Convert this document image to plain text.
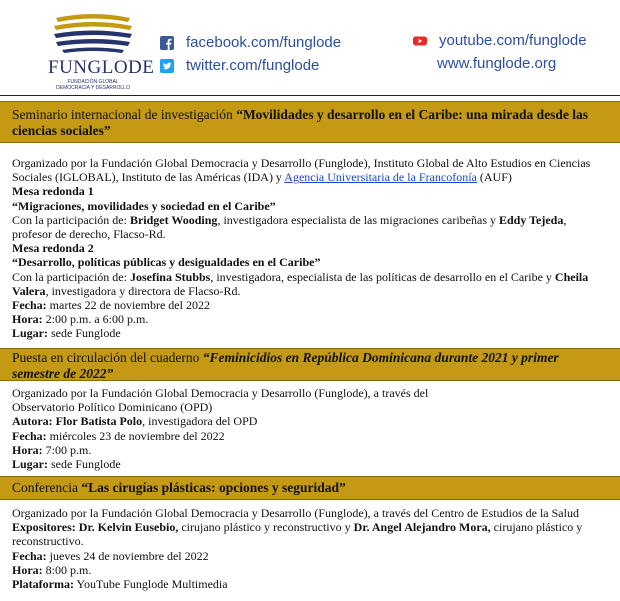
FUNGLODE
FUNDACIÓN GLOBAL
DEMOCRACIA Y DESARROLLO
facebook.com/funglode
twitter.com/funglode
youtube.com/funglode
www.funglode.org
Seminario internacional de investigación “Movilidades y desarrollo en el Caribe: una mirada desde las ciencias sociales”

Organizado por la Fundación Global Democracia y Desarrollo (Funglode), Instituto Global de Alto Estudios en Ciencias Sociales (IGLOBAL), Instituto de las Américas (IDA) y Agencia Universitaria de la Francofonía (AUF)

Mesa redonda 1

“Migraciones, movilidades y sociedad en el Caribe”

Con la participación de: Bridget Wooding, investigadora especialista de las migraciones caribeñas y Eddy Tejeda, profesor de derecho, Flacso-Rd.

Mesa redonda 2

“Desarrollo, políticas públicas y desigualdades en el Caribe”

Con la participación de: Josefina Stubbs, investigadora, especialista de las políticas de desarrollo en el Caribe y Cheila Valera, investigadora y directora de Flacso-Rd.

Fecha: martes 22 de noviembre del 2022

Hora: 2:00 p.m. a 6:00 p.m.

Lugar: sede Funglode

Puesta en circulación del cuaderno “Feminicidios en República Dominicana durante 2021 y primer semestre de 2022”

Organizado por la Fundación Global Democracia y Desarrollo (Funglode), a través del

Observatorio Político Dominicano (OPD)

Autora: Flor Batista Polo, investigadora del OPD

Fecha: miércoles 23 de noviembre del 2022

Hora: 7:00 p.m.

Lugar: sede Funglode

Conferencia “Las cirugías plásticas: opciones y seguridad”

Organizado por la Fundación Global Democracia y Desarrollo (Funglode), a través del Centro de Estudios de la Salud

Expositores: Dr. Kelvin Eusebio, cirujano plástico y reconstructivo y Dr. Angel Alejandro Mora, cirujano plástico y reconstructivo.

Fecha: jueves 24 de noviembre del 2022

Hora: 8:00 p.m.

Plataforma: YouTube Funglode Multimedia
